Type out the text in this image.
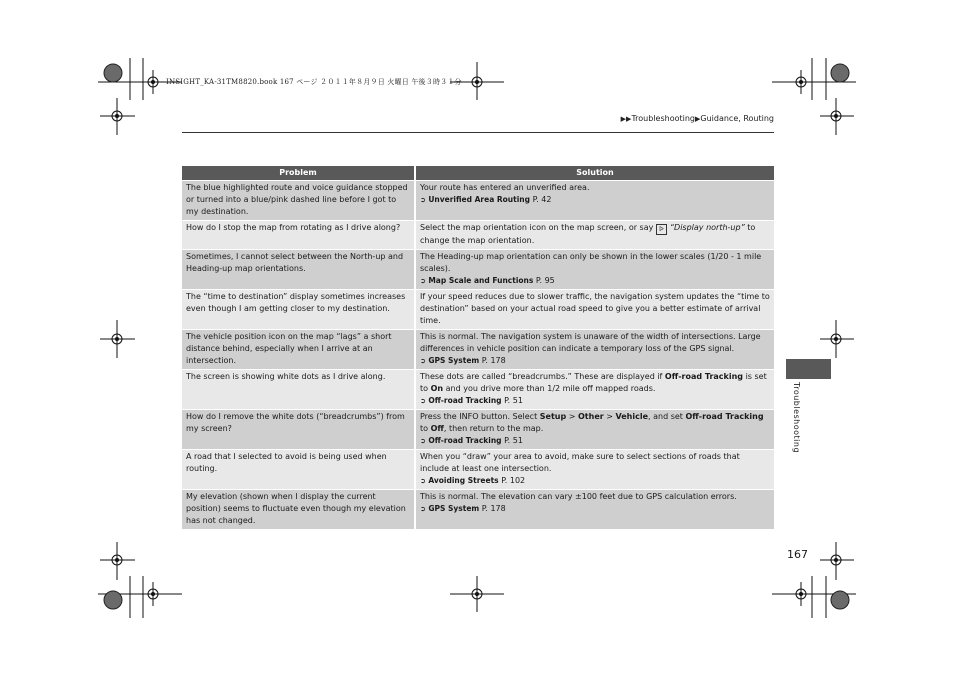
INSIGHT_KA-31TM8820.book 167 ページ ２０１１年８月９日 火曜日 午後３時３１分
▶▶Troubleshooting▶Guidance, Routing
Problem	Solution
The blue highlighted route and voice guidance stopped or turned into a blue/pink dashed line before I got to my destination.	Your route has entered an unverified area.
➲ Unverified Area Routing P. 42

How do I stop the map from rotating as I drive along?	Select the map orientation icon on the map screen, or say ᐅ “Display north-up” to change the map orientation.
Sometimes, I cannot select between the North-up and Heading-up map orientations.	The Heading-up map orientation can only be shown in the lower scales (1/20 - 1 mile scales).
➲ Map Scale and Functions P. 95

The “time to destination” display sometimes increases even though I am getting closer to my destination.	If your speed reduces due to slower traffic, the navigation system updates the “time to destination” based on your actual road speed to give you a better estimate of arrival time.
The vehicle position icon on the map “lags” a short distance behind, especially when I arrive at an intersection.	This is normal. The navigation system is unaware of the width of intersections. Large differences in vehicle position can indicate a temporary loss of the GPS signal.
➲ GPS System P. 178

The screen is showing white dots as I drive along.	These dots are called “breadcrumbs.” These are displayed if Off-road Tracking is set to On and you drive more than 1/2 mile off mapped roads.
➲ Off-road Tracking P. 51

How do I remove the white dots (“breadcrumbs”) from my screen?	Press the INFO button. Select Setup > Other > Vehicle, and set Off-road Tracking to Off, then return to the map.
➲ Off-road Tracking P. 51

A road that I selected to avoid is being used when routing.	When you “draw” your area to avoid, make sure to select sections of roads that include at least one intersection.
➲ Avoiding Streets P. 102

My elevation (shown when I display the current position) seems to fluctuate even though my elevation has not changed.	This is normal. The elevation can vary ±100 feet due to GPS calculation errors.
➲ GPS System P. 178
Troubleshooting
167
